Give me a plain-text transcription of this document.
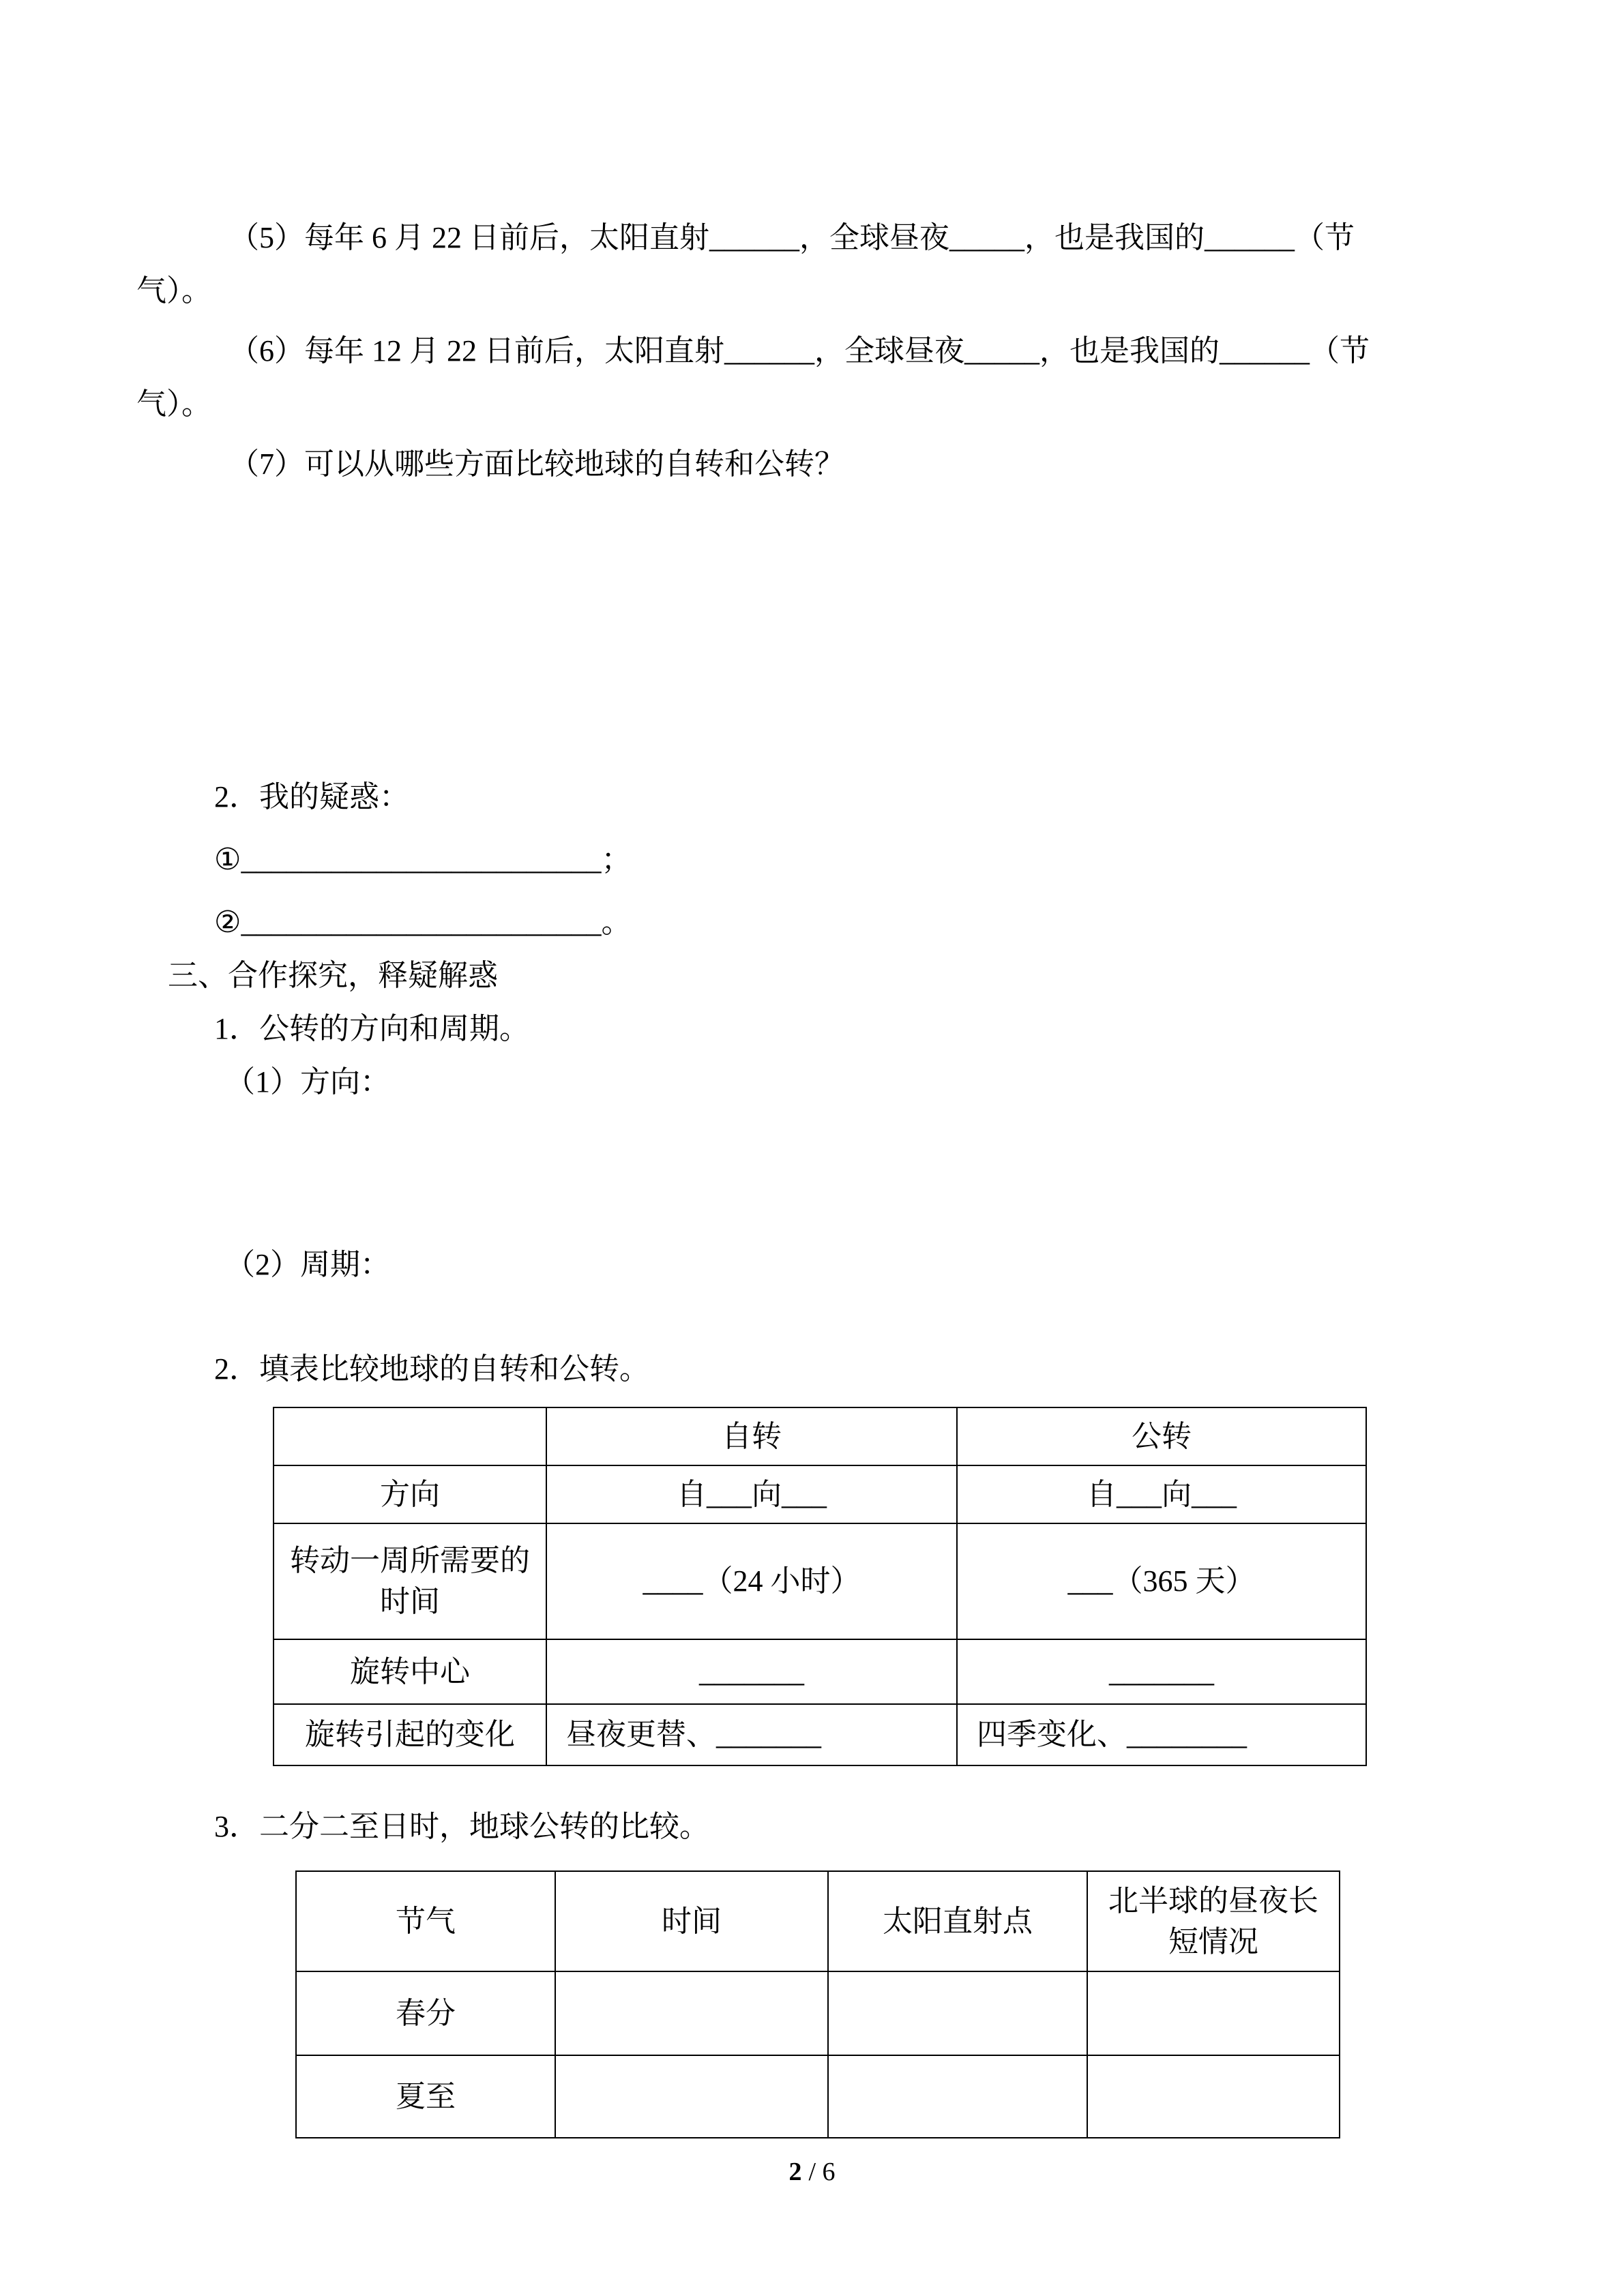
（5）每年 6 月 22 日前后，太阳直射______，全球昼夜_____，也是我国的______（节气）。

（6）每年 12 月 22 日前后，太阳直射______，全球昼夜_____，也是我国的______（节气）。

（7）可以从哪些方面比较地球的自转和公转？

2．我的疑惑：

①________________________；

②________________________。

三、合作探究，释疑解惑

1．公转的方向和周期。

（1）方向：

（2）周期：

2．填表比较地球的自转和公转。

	自转	公转
方向	自___向___	自___向___
转动一周所需要的时间	____（24 小时）	___（365 天）
旋转中心	_______	_______
旋转引起的变化	昼夜更替、_______	四季变化、________

3．二分二至日时，地球公转的比较。

节气	时间	太阳直射点	北半球的昼夜长短情况
春分			
夏至			
2 / 6
